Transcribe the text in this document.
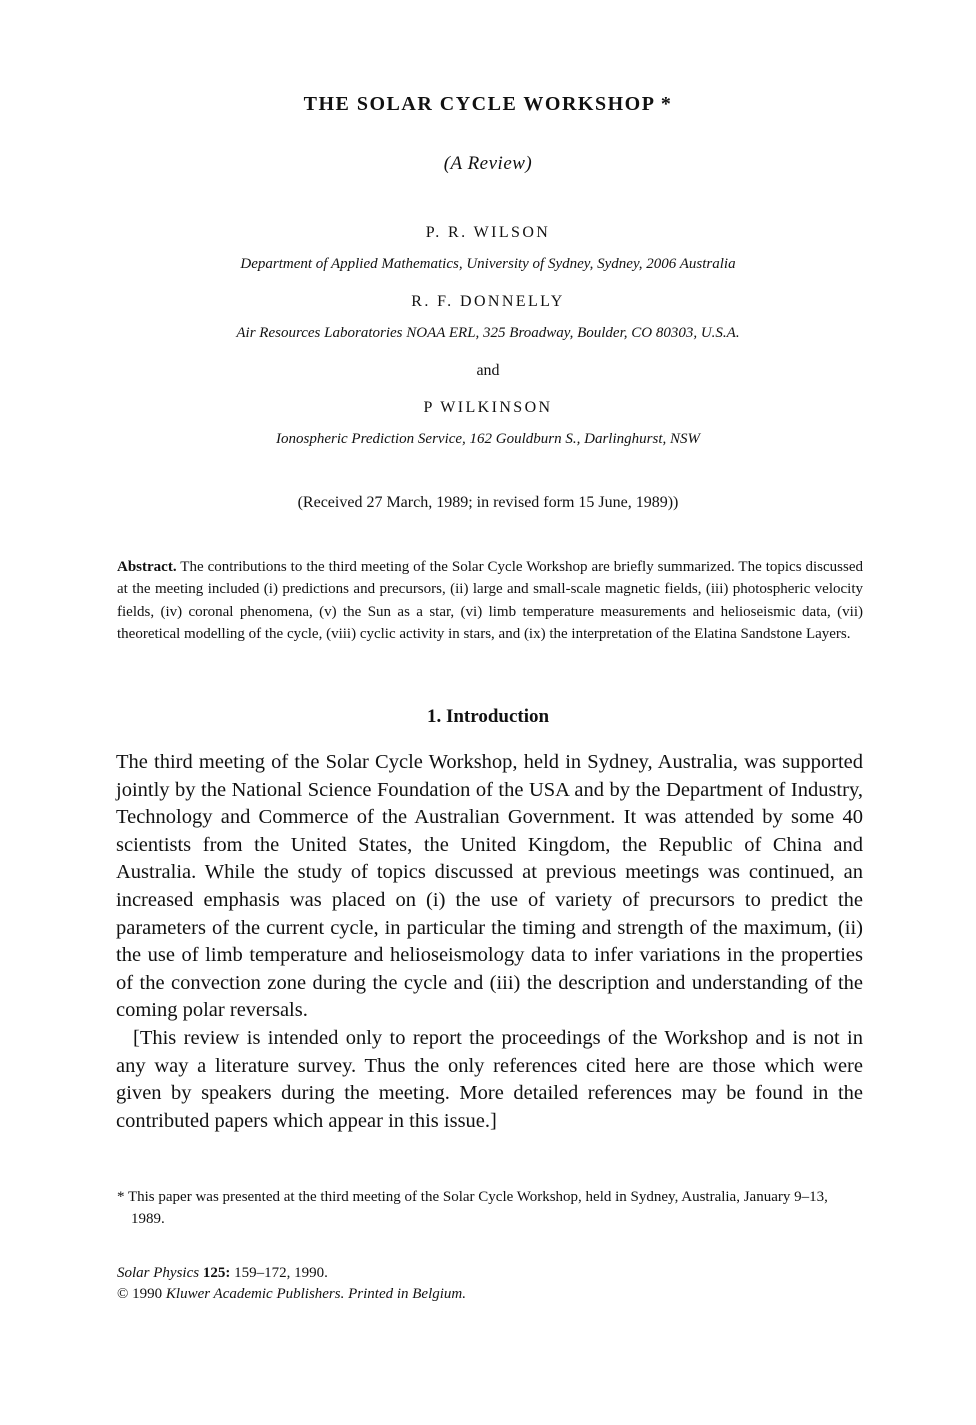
THE SOLAR CYCLE WORKSHOP *
(A Review)
P. R. WILSON
Department of Applied Mathematics, University of Sydney, Sydney, 2006 Australia
R. F. DONNELLY
Air Resources Laboratories NOAA ERL, 325 Broadway, Boulder, CO 80303, U.S.A.
and
P WILKINSON
Ionospheric Prediction Service, 162 Gouldburn S., Darlinghurst, NSW
(Received 27 March, 1989; in revised form 15 June, 1989))
Abstract. The contributions to the third meeting of the Solar Cycle Workshop are briefly summarized. The topics discussed at the meeting included (i) predictions and precursors, (ii) large and small-scale magnetic fields, (iii) photospheric velocity fields, (iv) coronal phenomena, (v) the Sun as a star, (vi) limb temperature measurements and helioseismic data, (vii) theoretical modelling of the cycle, (viii) cyclic activity in stars, and (ix) the interpretation of the Elatina Sandstone Layers.
1. Introduction

The third meeting of the Solar Cycle Workshop, held in Sydney, Australia, was supported jointly by the National Science Foundation of the USA and by the Department of Industry, Technology and Commerce of the Australian Government. It was attended by some 40 scientists from the United States, the United Kingdom, the Republic of China and Australia. While the study of topics discussed at previous meetings was continued, an increased emphasis was placed on (i) the use of variety of precursors to predict the parameters of the current cycle, in particular the timing and strength of the maximum, (ii) the use of limb temperature and helioseismology data to infer variations in the properties of the convection zone during the cycle and (iii) the description and understanding of the coming polar reversals.

[This review is intended only to report the proceedings of the Workshop and is not in any way a literature survey. Thus the only references cited here are those which were given by speakers during the meeting. More detailed references may be found in the contributed papers which appear in this issue.]

* This paper was presented at the third meeting of the Solar Cycle Workshop, held in Sydney, Australia, January 9–13, 1989.
Solar Physics 125: 159–172, 1990.
© 1990 Kluwer Academic Publishers. Printed in Belgium.
